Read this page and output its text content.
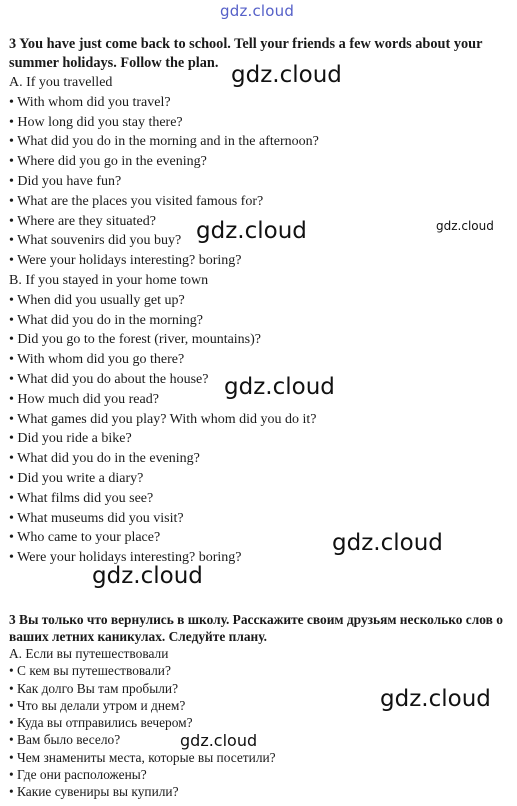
gdz.cloud

3 You have just come back to school. Tell your friends a few words about your summer holidays. Follow the plan.

A. If you travelled
• With whom did you travel?
• How long did you stay there?
• What did you do in the morning and in the afternoon?
• Where did you go in the evening?
• Did you have fun?
• What are the places you visited famous for?
• Where are they situated?
• What souvenirs did you buy?
• Were your holidays interesting? boring?
B. If you stayed in your home town
• When did you usually get up?
• What did you do in the morning?
• Did you go to the forest (river, mountains)?
• With whom did you go there?
• What did you do about the house?
• How much did you read?
• What games did you play? With whom did you do it?
• Did you ride a bike?
• What did you do in the evening?
• Did you write a diary?
• What films did you see?
• What museums did you visit?
• Who came to your place?
• Were your holidays interesting? boring?

3 Вы только что вернулись в школу. Расскажите своим друзьям несколько слов о ваших летних каникулах. Следуйте плану.

А. Если вы путешествовали
• С кем вы путешествовали?
• Как долго Вы там пробыли?
• Что вы делали утром и днем?
• Куда вы отправились вечером?
• Вам было весело?
• Чем знамениты места, которые вы посетили?
• Где они расположены?
• Какие сувениры вы купили?
gdz.cloud
gdz.cloud
gdz.cloud
gdz.cloud
gdz.cloud
gdz.cloud
gdz.cloud
gdz.cloud
